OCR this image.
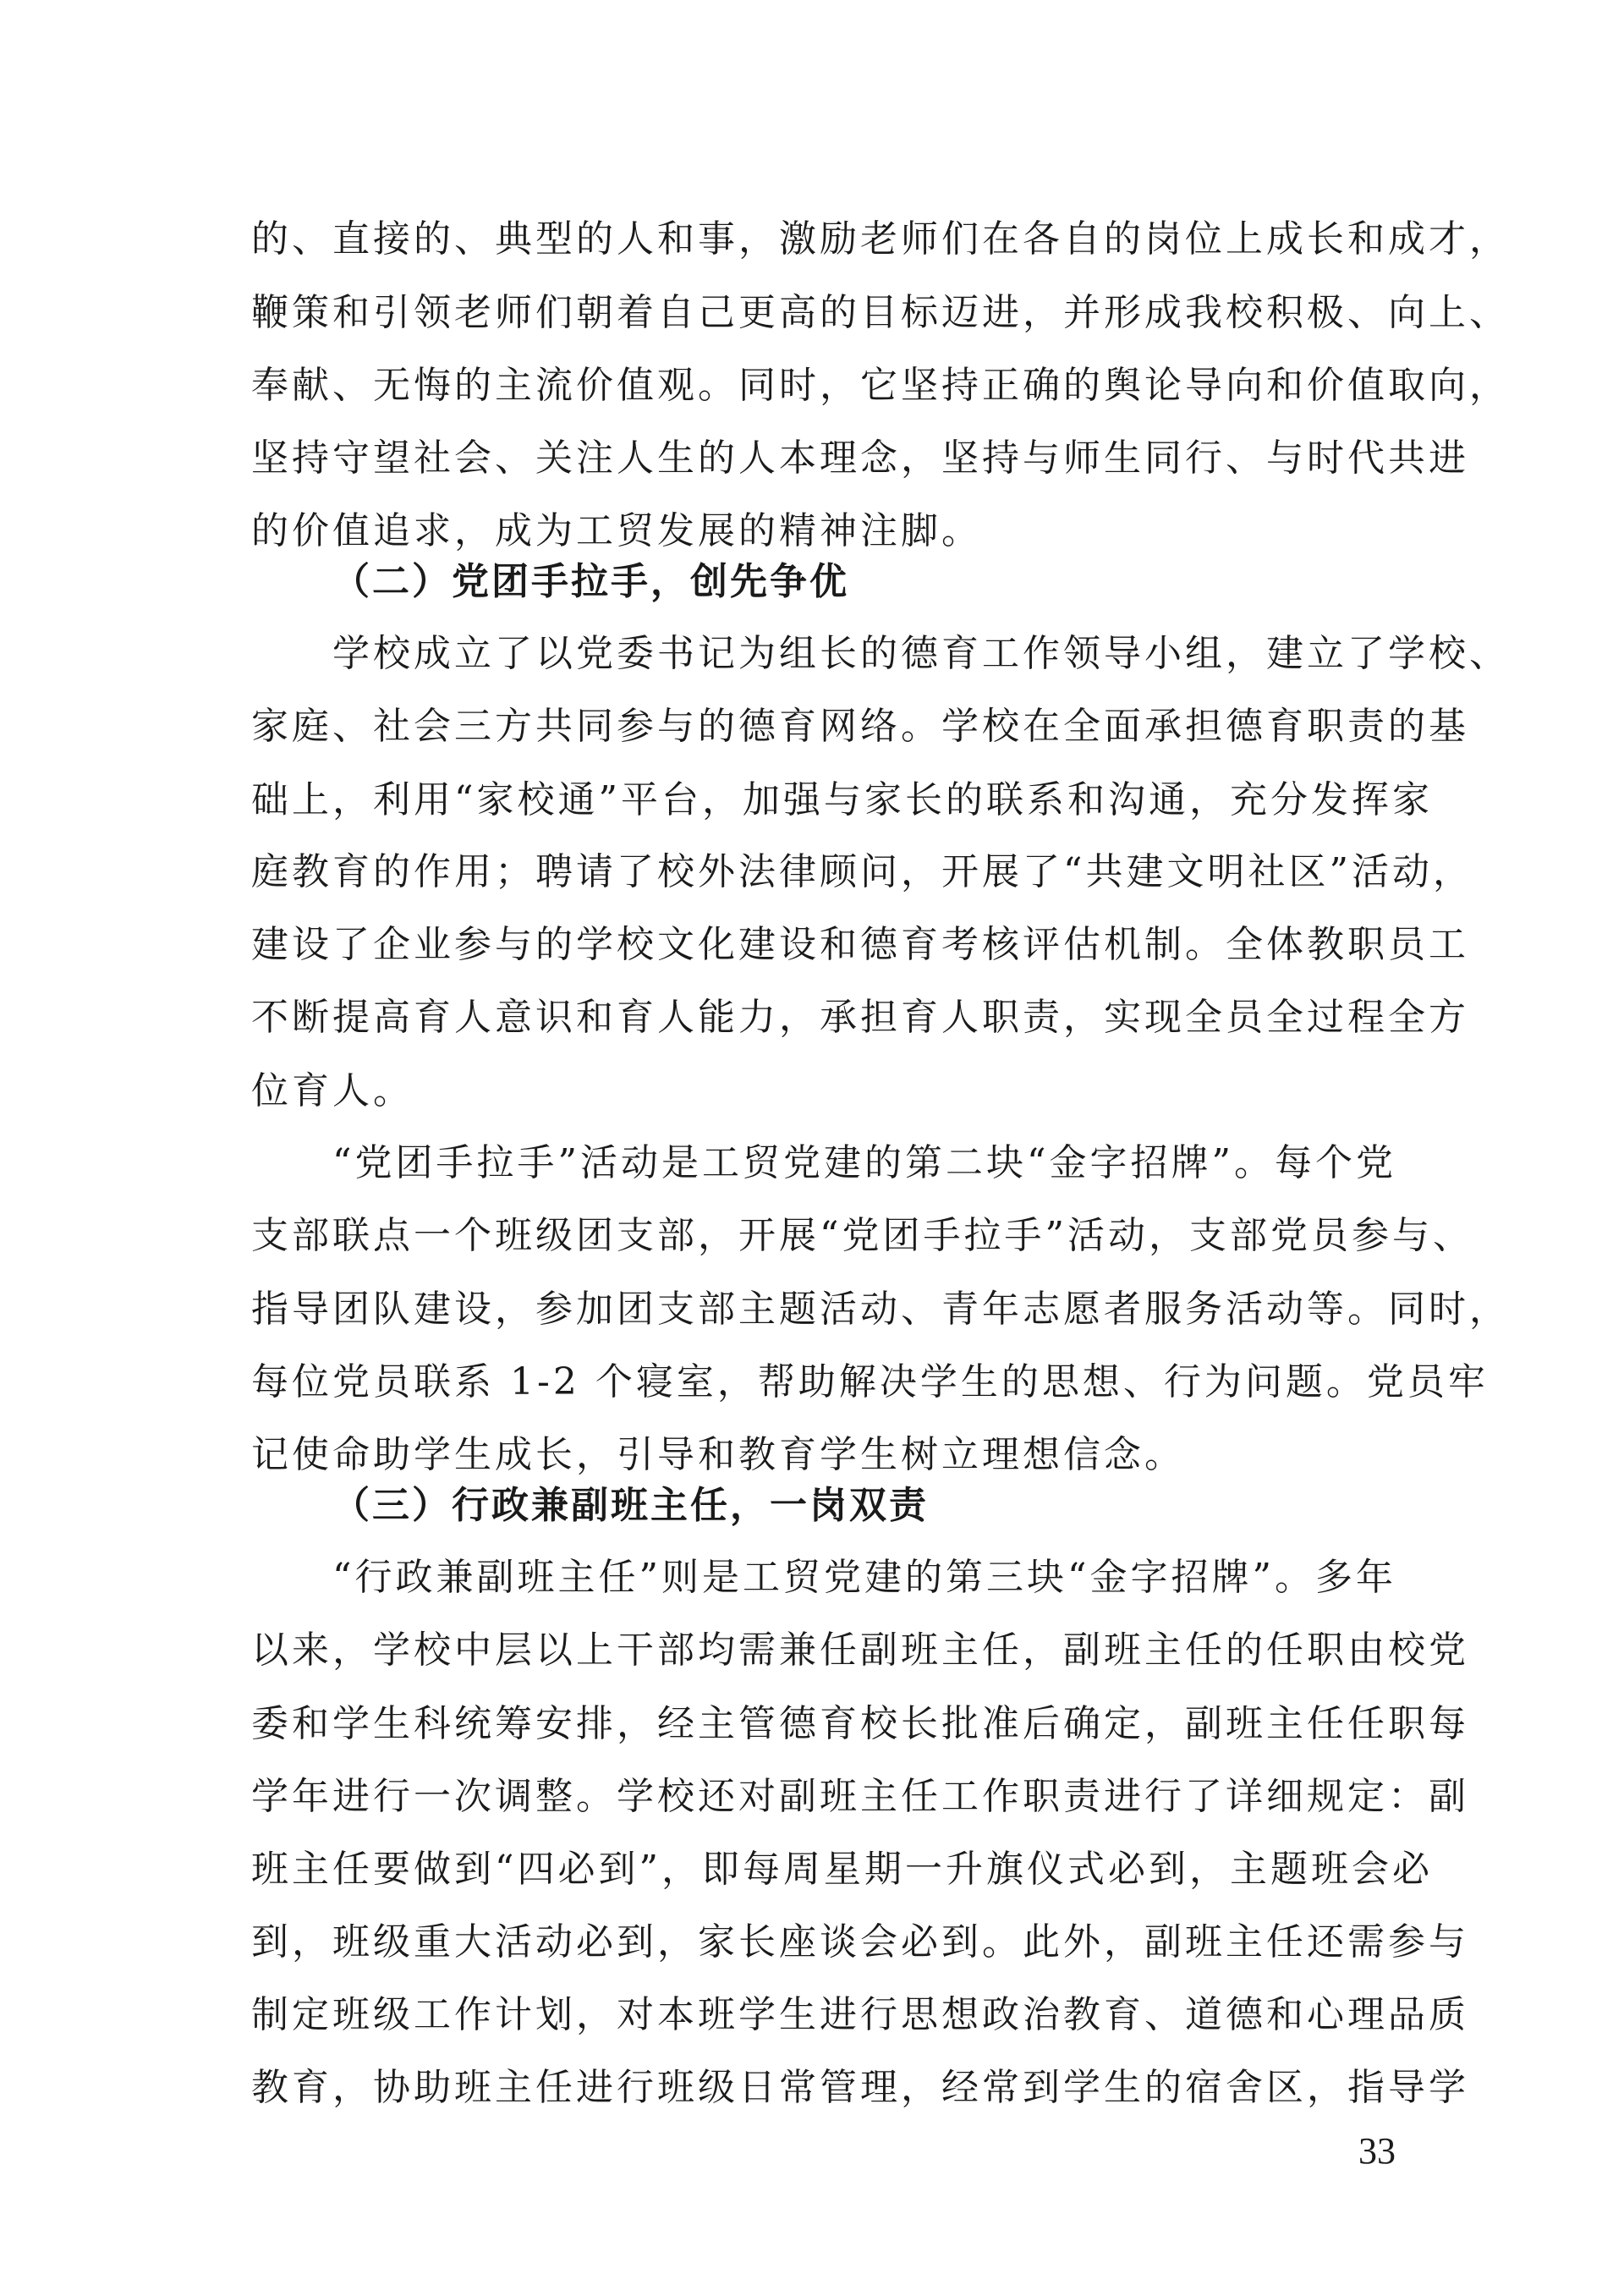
的、直接的、典型的人和事，激励老师们在各自的岗位上成长和成才，
鞭策和引领老师们朝着自己更高的目标迈进，并形成我校积极、向上、
奉献、无悔的主流价值观。同时，它坚持正确的舆论导向和价值取向，
坚持守望社会、关注人生的人本理念，坚持与师生同行、与时代共进
的价值追求，成为工贸发展的精神注脚。
（二）党团手拉手，创先争优
学校成立了以党委书记为组长的德育工作领导小组，建立了学校、
家庭、社会三方共同参与的德育网络。学校在全面承担德育职责的基
础上，利用“家校通”平台，加强与家长的联系和沟通，充分发挥家
庭教育的作用；聘请了校外法律顾问，开展了“共建文明社区”活动，
建设了企业参与的学校文化建设和德育考核评估机制。全体教职员工
不断提高育人意识和育人能力，承担育人职责，实现全员全过程全方
位育人。
“党团手拉手”活动是工贸党建的第二块“金字招牌”。每个党
支部联点一个班级团支部，开展“党团手拉手”活动，支部党员参与、
指导团队建设，参加团支部主题活动、青年志愿者服务活动等。同时，
每位党员联系 1-2 个寝室，帮助解决学生的思想、行为问题。党员牢
记使命助学生成长，引导和教育学生树立理想信念。
（三）行政兼副班主任，一岗双责
“行政兼副班主任”则是工贸党建的第三块“金字招牌”。多年
以来，学校中层以上干部均需兼任副班主任，副班主任的任职由校党
委和学生科统筹安排，经主管德育校长批准后确定，副班主任任职每
学年进行一次调整。学校还对副班主任工作职责进行了详细规定：副
班主任要做到“四必到”，即每周星期一升旗仪式必到，主题班会必
到，班级重大活动必到，家长座谈会必到。此外，副班主任还需参与
制定班级工作计划，对本班学生进行思想政治教育、道德和心理品质
教育，协助班主任进行班级日常管理，经常到学生的宿舍区，指导学
33
